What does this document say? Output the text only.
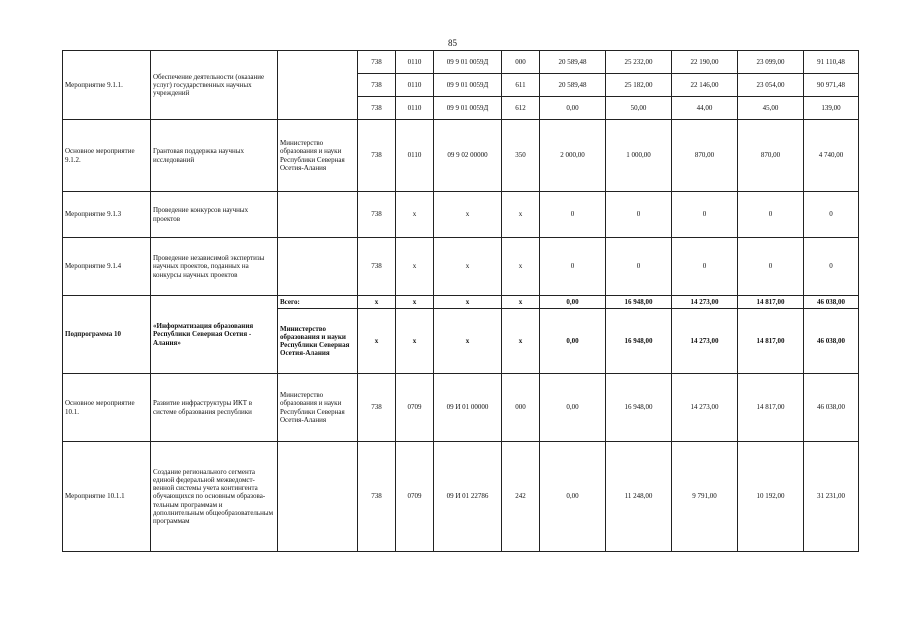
85
Мероприятие 9.1.1.	Обеспечение деятельности (оказание услуг) государственных научных учреждений		738	0110	09 9 01 0059Д	000	20 589,48	25 232,00	22 190,00	23 099,00	91 110,48
			738	0110	09 9 01 0059Д	611	20 589,48	25 182,00	22 146,00	23 054,00	90 971,48
			738	0110	09 9 01 0059Д	612	0,00	50,00	44,00	45,00	139,00
Основное мероприятие 9.1.2.	Грантовая поддержка научных исследований	Министерство образования и науки Республики Северная Осетия-Алания	738	0110	09 9 02 00000	350	2 000,00	1 000,00	870,00	870,00	4 740,00
Мероприятие 9.1.3	Проведение конкурсов научных проектов		738	х	х	х	0	0	0	0	0
Мероприятие 9.1.4	Проведение независимой экспертизы научных проектов, поданных на конкурсы научных проектов		738	х	х	х	0	0	0	0	0
Подпрограмма 10	«Информатизация образования Республики Северная Осетия - Алания»	Всего:	х	х	х	х	0,00	16 948,00	14 273,00	14 817,00	46 038,00
		Министерство образования и науки Республики Северная Осетия-Алания	х	х	х	х	0,00	16 948,00	14 273,00	14 817,00	46 038,00
Основное мероприятие 10.1.	Развитие инфраструктуры ИКТ в системе образования республики	Министерство образования и науки Республики Северная Осетия-Алания	738	0709	09 И 01 00000	000	0,00	16 948,00	14 273,00	14 817,00	46 038,00
Мероприятие 10.1.1	Создание регионального сегмента единой федеральной межведомст-венной системы учета контингента обучающихся по основным образова-тельным программам и дополнительным общеобразовательным программам		738	0709	09 И 01 22786	242	0,00	11 248,00	9 791,00	10 192,00	31 231,00
